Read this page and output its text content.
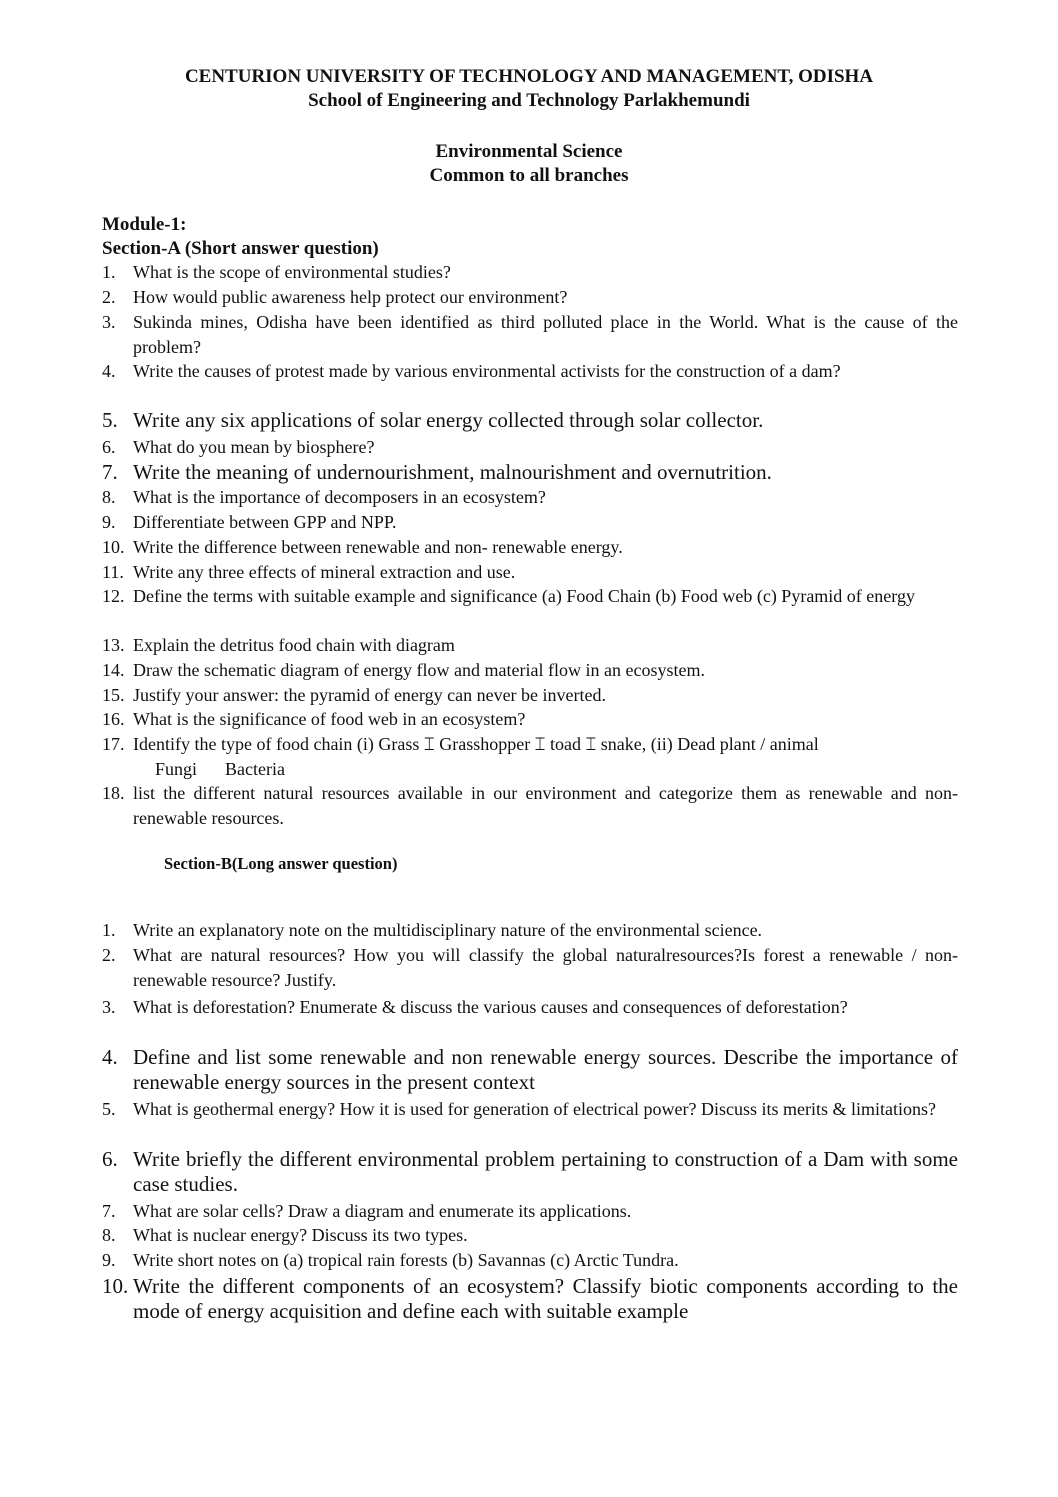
CENTURION UNIVERSITY OF TECHNOLOGY AND MANAGEMENT, ODISHA
School of Engineering and Technology Parlakhemundi
Environmental Science
Common to all branches
Module-1:
Section-A (Short answer question)
1. What is the scope of environmental studies?
2. How would public awareness help protect our environment?
3. Sukinda mines, Odisha have been identified as third polluted place in the World. What is the cause of the problem?
4. Write the causes of protest made by various environmental activists for the construction of a dam?
5. Write any six applications of solar energy collected through solar collector.
6. What do you mean by biosphere?
7. Write the meaning of undernourishment, malnourishment and overnutrition.
8. What is the importance of decomposers in an ecosystem?
9. Differentiate between GPP and NPP.
10. Write the difference between renewable and non- renewable energy.
11. Write any three effects of mineral extraction and use.
12. Define the terms with suitable example and significance (a) Food Chain (b) Food web (c) Pyramid of energy
13. Explain the detritus food chain with diagram
14. Draw the schematic diagram of energy flow and material flow in an ecosystem.
15. Justify your answer: the pyramid of energy can never be inverted.
16. What is the significance of food web in an ecosystem?
17. Identify the type of food chain (i) Grass ⌶ Grasshopper ⌶ toad ⌶ snake, (ii) Dead plant / animal
Fungi Bacteria
18. list the different natural resources available in our environment and categorize them as renewable and non-renewable resources.
Section-B(Long answer question)
1. Write an explanatory note on the multidisciplinary nature of the environmental science.
2. What are natural resources? How you will classify the global naturalresources?Is forest a renewable / non-renewable resource? Justify.
3. What is deforestation? Enumerate & discuss the various causes and consequences of deforestation?
4. Define and list some renewable and non renewable energy sources. Describe the importance of renewable energy sources in the present context
5. What is geothermal energy? How it is used for generation of electrical power? Discuss its merits & limitations?
6. Write briefly the different environmental problem pertaining to construction of a Dam with some case studies.
7. What are solar cells? Draw a diagram and enumerate its applications.
8. What is nuclear energy? Discuss its two types.
9. Write short notes on (a) tropical rain forests (b) Savannas (c) Arctic Tundra.
10. Write the different components of an ecosystem? Classify biotic components according to the mode of energy acquisition and define each with suitable example
